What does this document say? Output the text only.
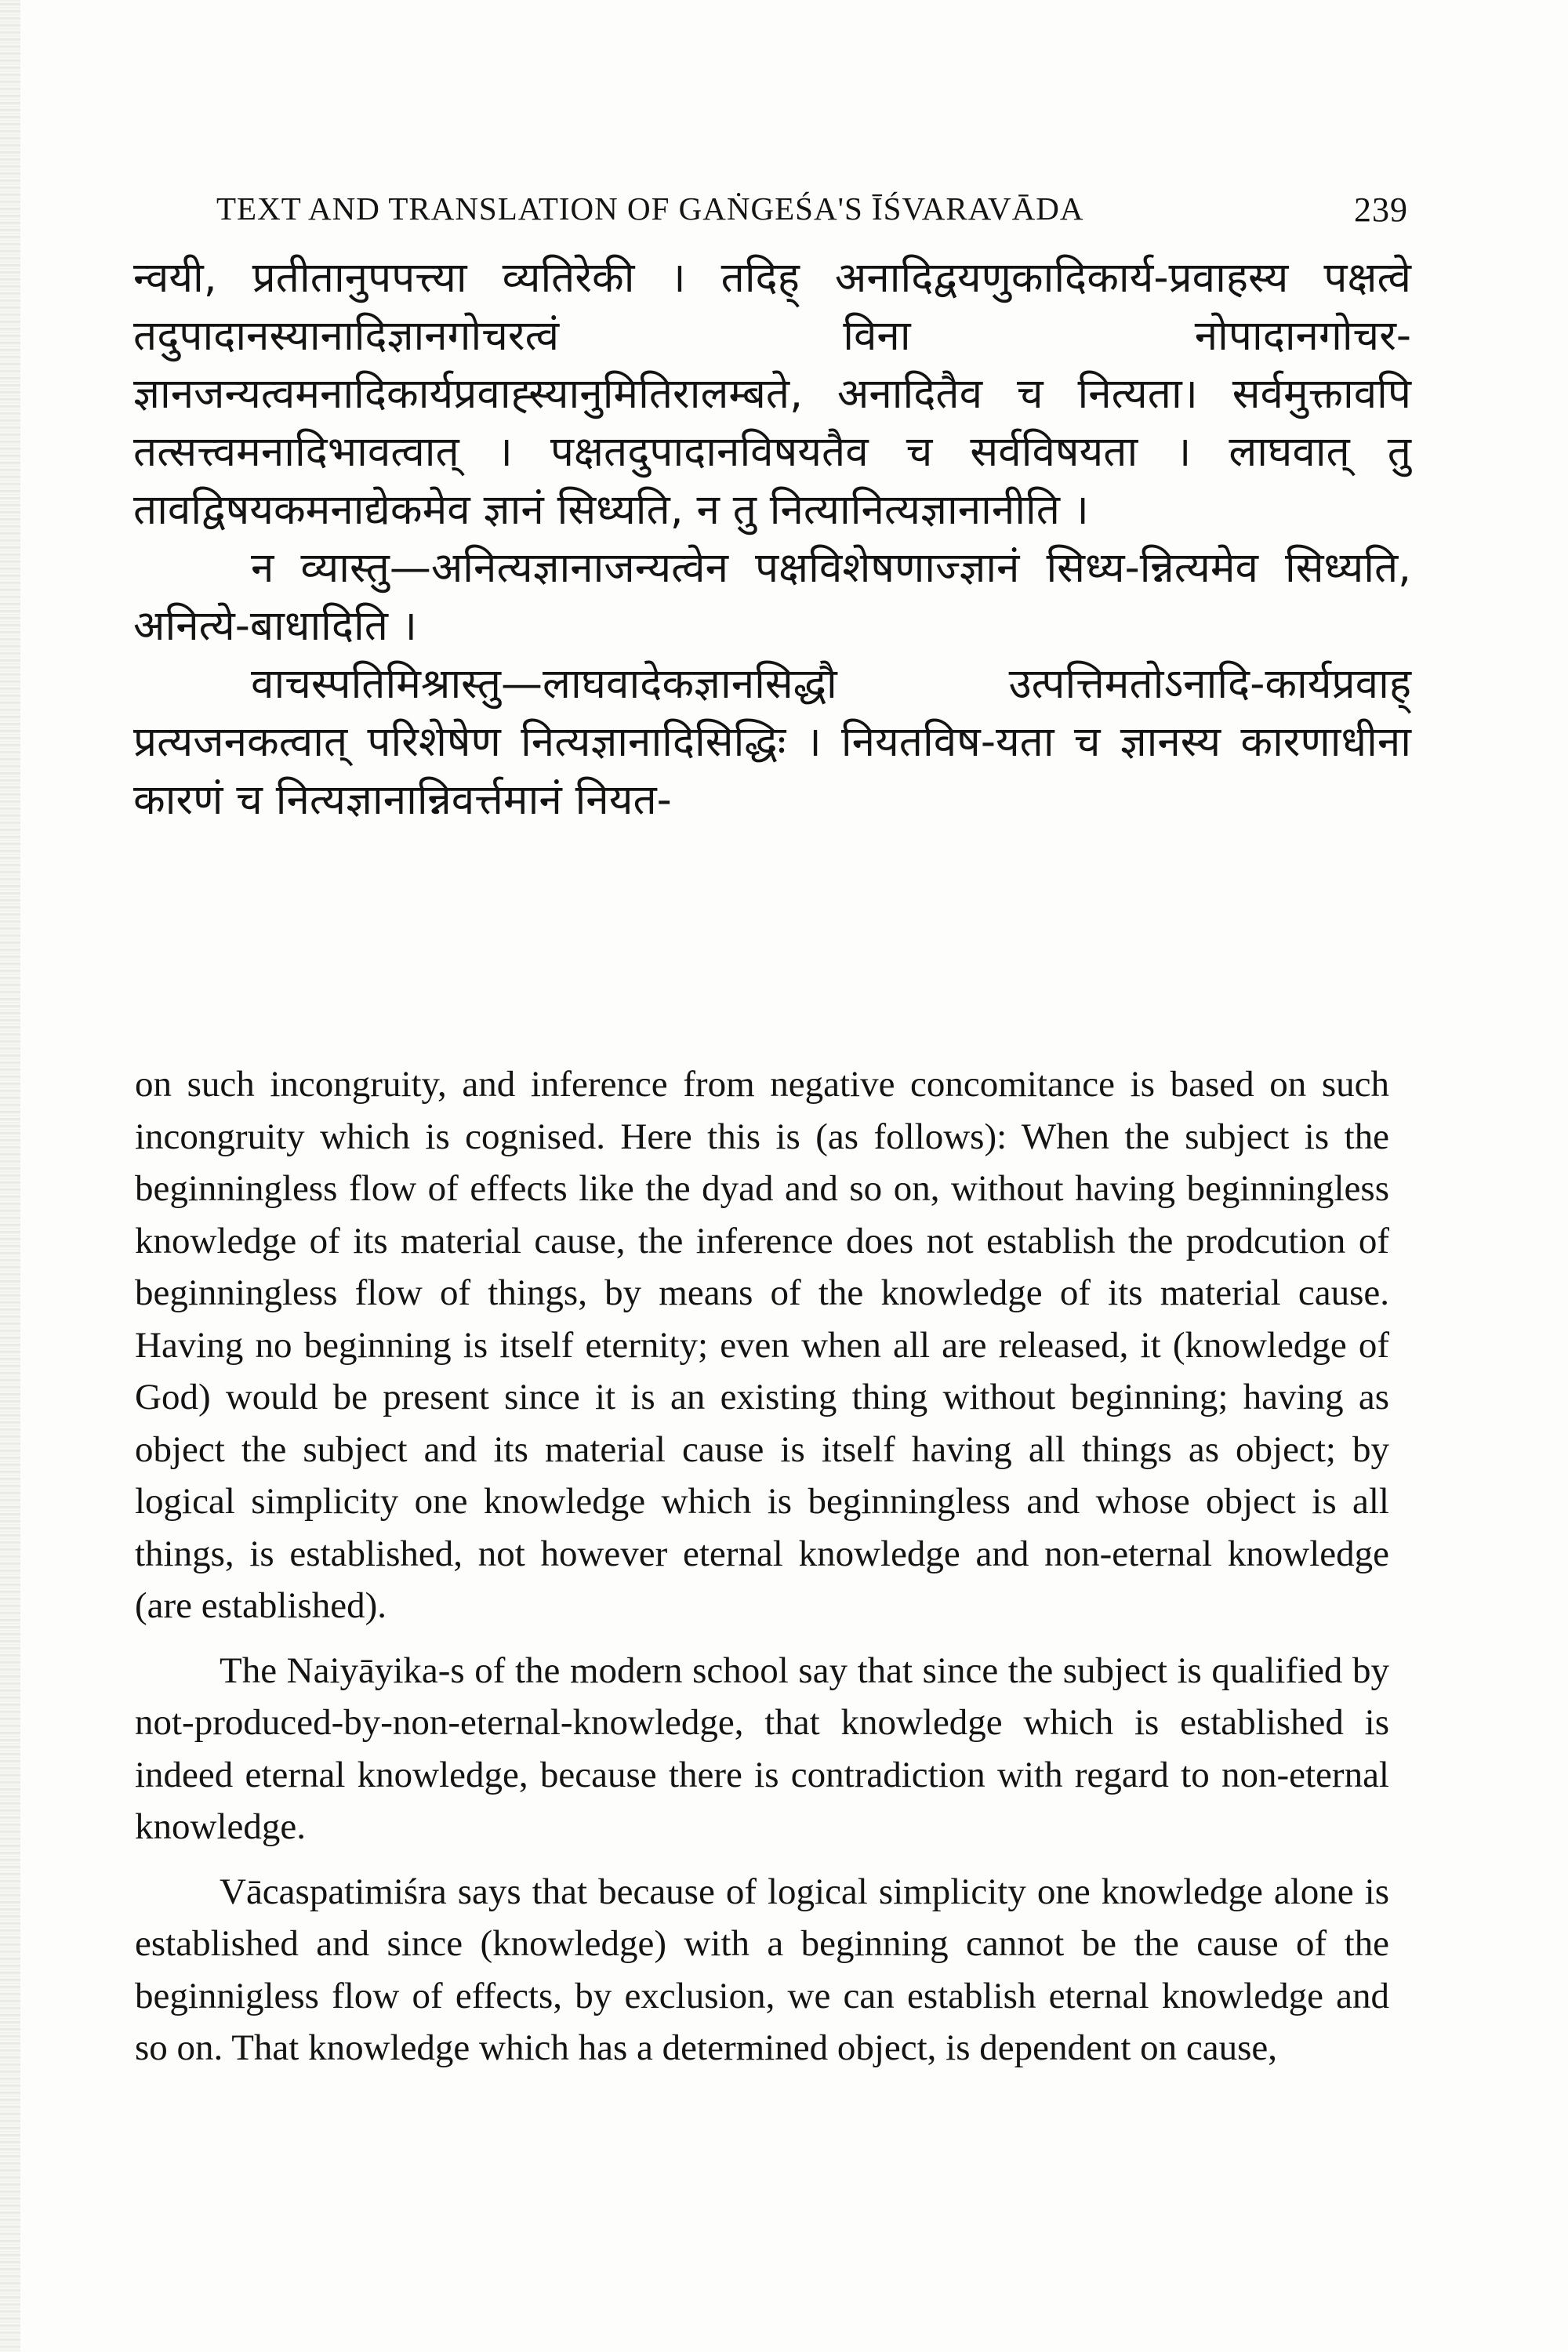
TEXT AND TRANSLATION OF GAṄGEŚA'S ĪŚVARAVĀDA	239

न्वयी, प्रतीतानुपपत्त्या व्यतिरेकी । तदिह् अनादिद्वयणुकादिकार्य-प्रवाहस्य पक्षत्वे तदुपादानस्यानादिज्ञानगोचरत्वं विना नोपादानगोचर-ज्ञानजन्यत्वमनादिकार्यप्रवाह्स्यानुमितिरालम्बते, अनादितैव च नित्यता। सर्वमुक्तावपि तत्सत्त्वमनादिभावत्वात् । पक्षतदुपादानविषयतैव च सर्वविषयता । लाघवात् तु तावद्विषयकमनाद्येकमेव ज्ञानं सिध्यति, न तु नित्यानित्यज्ञानानीति ।

न व्यास्तु—अनित्यज्ञानाजन्यत्वेन पक्षविशेषणाज्ज्ञानं सिध्य-न्नित्यमेव सिध्यति, अनित्ये-बाधादिति ।

वाचस्पतिमिश्रास्तु—लाघवादेकज्ञानसिद्धौ उत्पत्तिमतोऽनादि-कार्यप्रवाह् प्रत्यजनकत्वात् परिशेषेण नित्यज्ञानादिसिद्धिः । नियतविष-यता च ज्ञानस्य कारणाधीना कारणं च नित्यज्ञानान्निवर्त्तमानं नियत-

on such incongruity, and inference from negative concomitance is based on such incongruity which is cognised. Here this is (as follows): When the subject is the beginningless flow of effects like the dyad and so on, without having beginningless knowledge of its material cause, the inference does not establish the prodcution of beginningless flow of things, by means of the knowledge of its material cause. Having no beginning is itself eternity; even when all are released, it (knowledge of God) would be present since it is an existing thing without beginning; having as object the subject and its material cause is itself having all things as object; by logical simplicity one knowledge which is beginningless and whose object is all things, is established, not however eternal knowledge and non-eternal knowledge (are established).

The Naiyāyika-s of the modern school say that since the subject is qualified by not-produced-by-non-eternal-knowledge, that knowledge which is established is indeed eternal knowledge, because there is contradiction with regard to non-eternal knowledge.

Vācaspatimiśra says that because of logical simplicity one knowledge alone is established and since (knowledge) with a beginning cannot be the cause of the beginnigless flow of effects, by exclusion, we can establish eternal knowledge and so on. That knowledge which has a determined object, is dependent on cause,
